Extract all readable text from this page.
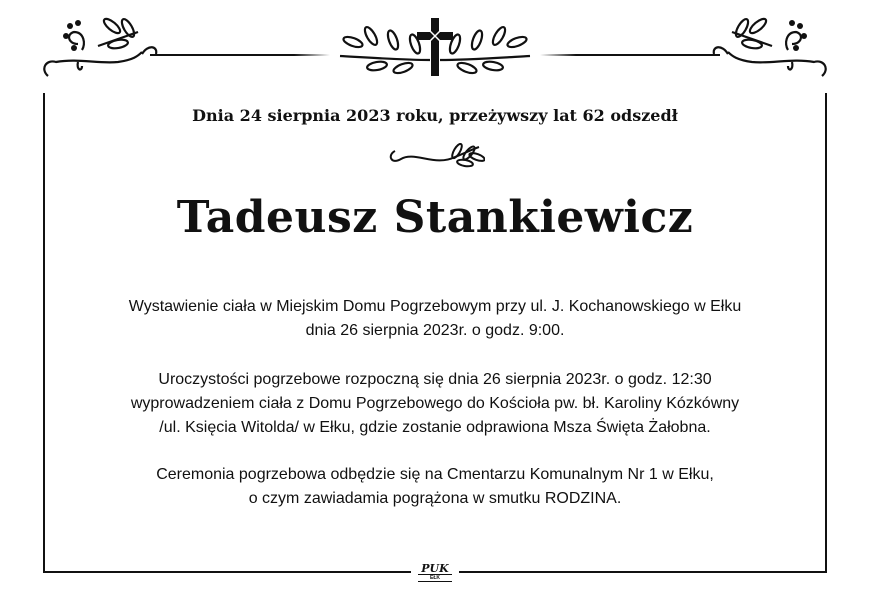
Dnia 24 sierpnia 2023 roku, przeżywszy lat 62 odszedł
Tadeusz Stankiewicz
Wystawienie ciała w Miejskim Domu Pogrzebowym przy ul. J. Kochanowskiego w Ełku
dnia 26 sierpnia 2023r. o godz. 9:00.
Uroczystości pogrzebowe rozpoczną się dnia 26 sierpnia 2023r. o godz. 12:30
wyprowadzeniem ciała z Domu Pogrzebowego do Kościoła pw. bł. Karoliny Kózkówny
/ul. Księcia Witolda/ w Ełku, gdzie zostanie odprawiona Msza Święta Żałobna.
Ceremonia pogrzebowa odbędzie się na Cmentarzu Komunalnym Nr 1 w Ełku,
o czym zawiadamia pogrążona w smutku RODZINA.
PUK
EŁK
